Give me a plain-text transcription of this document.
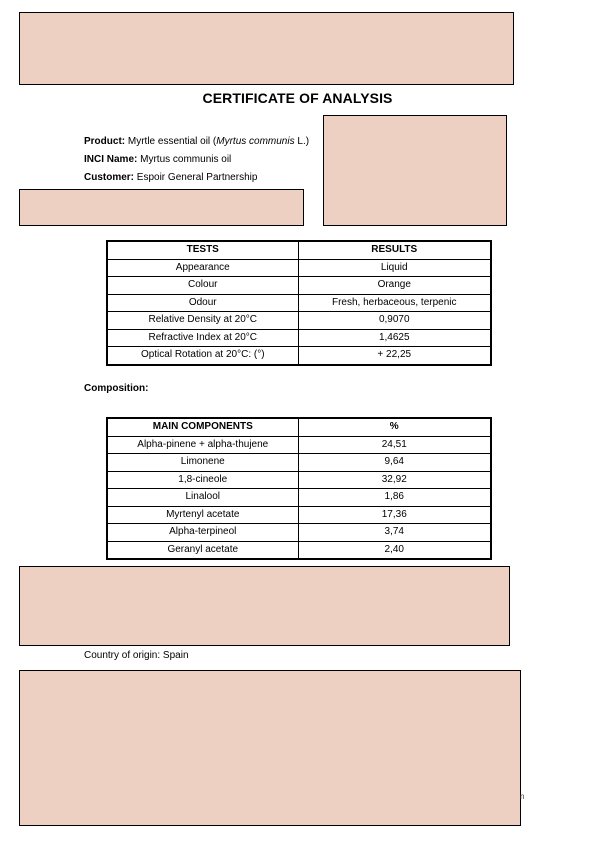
CERTIFICATE OF ANALYSIS
Product: Myrtle essential oil (Myrtus communis L.)
INCI Name: Myrtus communis oil
Customer: Espoir General Partnership
TESTS	RESULTS
Appearance	Liquid
Colour	Orange
Odour	Fresh, herbaceous, terpenic
Relative Density at 20°C	0,9070
Refractive Index at 20°C	1,4625
Optical Rotation at 20°C: (°)	+ 22,25
Composition:
MAIN COMPONENTS	%
Alpha-pinene + alpha-thujene	24,51
Limonene	9,64
1,8-cineole	32,92
Linalool	1,86
Myrtenyl acetate	17,36
Alpha-terpineol	3,74
Geranyl acetate	2,40
Country of origin: Spain
n
